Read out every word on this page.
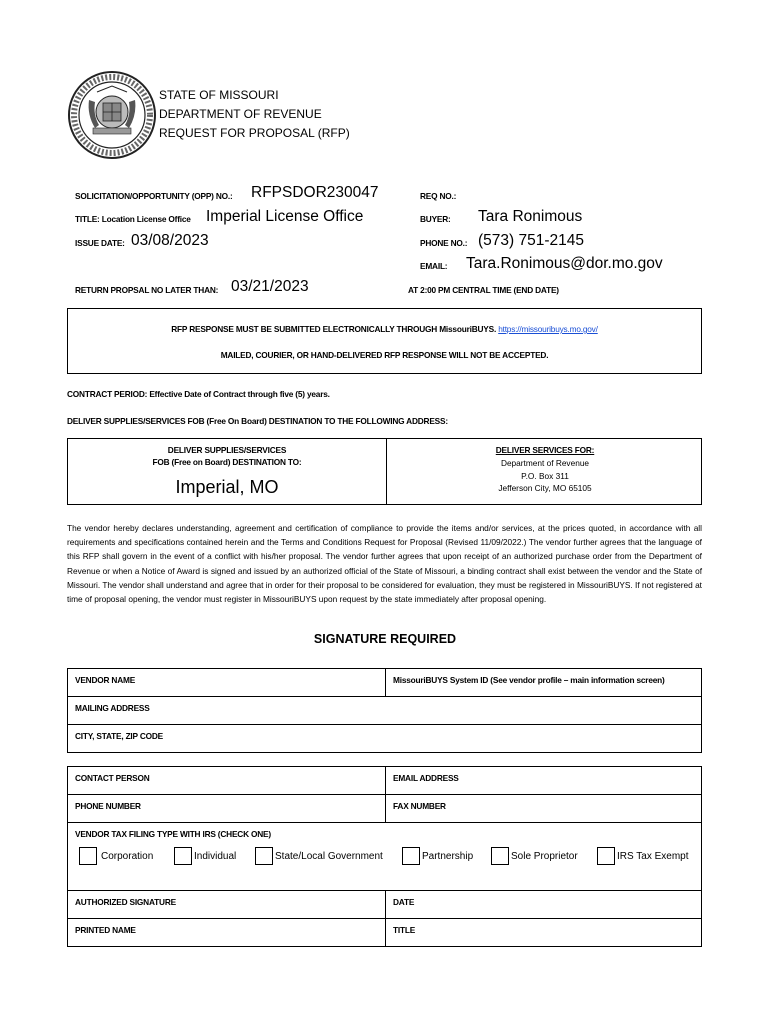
STATE OF MISSOURI
DEPARTMENT OF REVENUE
REQUEST FOR PROPOSAL (RFP)
SOLICITATION/OPPORTUNITY (OPP) NO.: RFPSDOR230047
TITLE: Location License Office Imperial License Office
ISSUE DATE: 03/08/2023
RETURN PROPSAL NO LATER THAN: 03/21/2023
REQ NO.:
BUYER: Tara Ronimous
PHONE NO.: (573) 751-2145
EMAIL: Tara.Ronimous@dor.mo.gov
AT 2:00 PM CENTRAL TIME (END DATE)
RFP RESPONSE MUST BE SUBMITTED ELECTRONICALLY THROUGH MissouriBUYS. https://missouribuys.mo.gov/
MAILED, COURIER, OR HAND-DELIVERED RFP RESPONSE WILL NOT BE ACCEPTED.
CONTRACT PERIOD: Effective Date of Contract through five (5) years.
DELIVER SUPPLIES/SERVICES FOB (Free On Board) DESTINATION TO THE FOLLOWING ADDRESS:
DELIVER SUPPLIES/SERVICES
FOB (Free on Board) DESTINATION TO:
Imperial, MO
DELIVER SERVICES FOR:
Department of Revenue
P.O. Box 311
Jefferson City, MO 65105
The vendor hereby declares understanding, agreement and certification of compliance to provide the items and/or services, at the prices quoted, in accordance with all requirements and specifications contained herein and the Terms and Conditions Request for Proposal (Revised 11/09/2022.) The vendor further agrees that the language of this RFP shall govern in the event of a conflict with his/her proposal. The vendor further agrees that upon receipt of an authorized purchase order from the Department of Revenue or when a Notice of Award is signed and issued by an authorized official of the State of Missouri, a binding contract shall exist between the vendor and the State of Missouri. The vendor shall understand and agree that in order for their proposal to be considered for evaluation, they must be registered in MissouriBUYS. If not registered at time of proposal opening, the vendor must register in MissouriBUYS upon request by the state immediately after proposal opening.
SIGNATURE REQUIRED
VENDOR NAME	MissouriBUYS System ID (See vendor profile – main information screen)
MAILING ADDRESS
CITY, STATE, ZIP CODE
CONTACT PERSON	EMAIL ADDRESS
PHONE NUMBER	FAX NUMBER
VENDOR TAX FILING TYPE WITH IRS (CHECK ONE)
Corporation	Individual	State/Local Government	Partnership	Sole Proprietor	IRS Tax Exempt
AUTHORIZED SIGNATURE	DATE
PRINTED NAME	TITLE
